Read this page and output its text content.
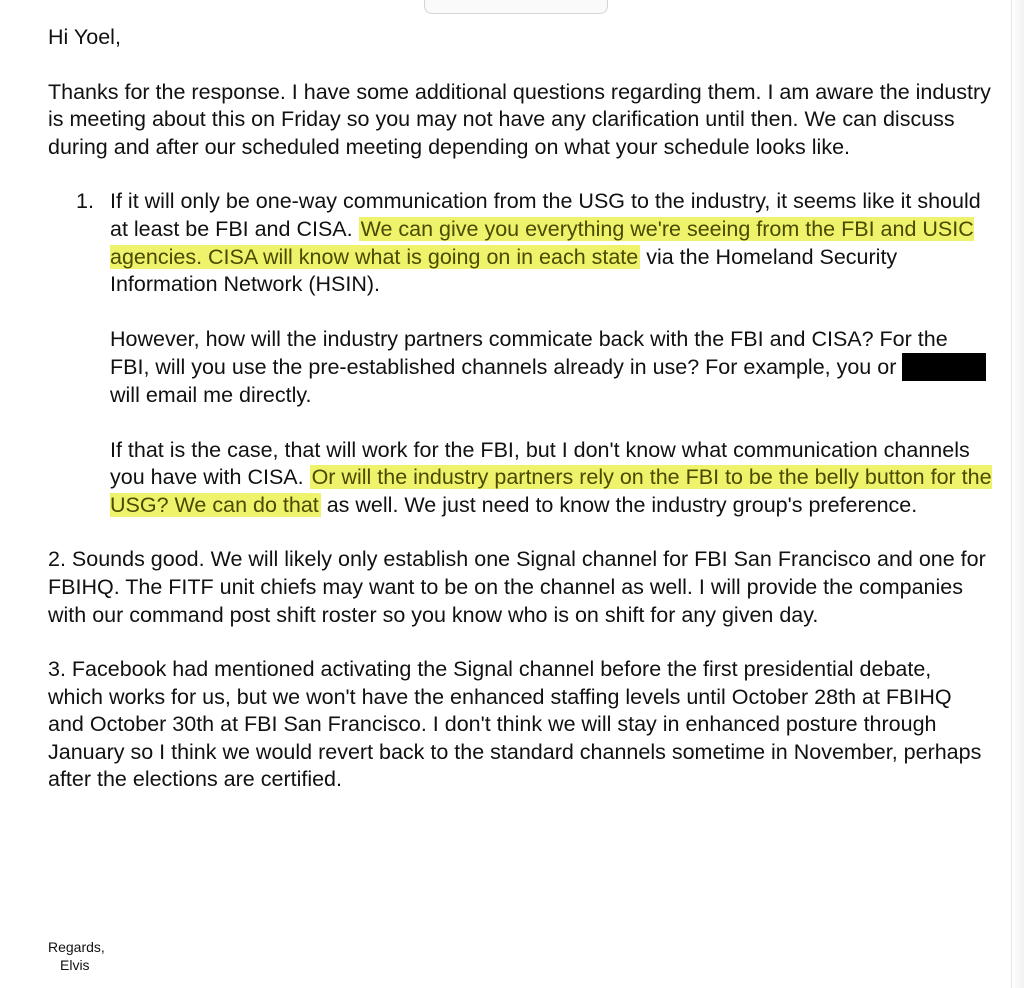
Hi Yoel,

Thanks for the response. I have some additional questions regarding them. I am aware the industry is meeting about this on Friday so you may not have any clarification until then. We can discuss during and after our scheduled meeting depending on what your schedule looks like.

1. If it will only be one-way communication from the USG to the industry, it seems like it should at least be FBI and CISA. We can give you everything we're seeing from the FBI and USIC agencies. CISA will know what is going on in each state via the Homeland Security Information Network (HSIN).

However, how will the industry partners commicate back with the FBI and CISA? For the FBI, will you use the pre-established channels already in use? For example, you orwill email me directly.

If that is the case, that will work for the FBI, but I don't know what communication channels you have with CISA. Or will the industry partners rely on the FBI to be the belly button for the USG? We can do that as well. We just need to know the industry group's preference.

2. Sounds good. We will likely only establish one Signal channel for FBI San Francisco and one for FBIHQ. The FITF unit chiefs may want to be on the channel as well. I will provide the companies with our command post shift roster so you know who is on shift for any given day.

3. Facebook had mentioned activating the Signal channel before the first presidential debate, which works for us, but we won't have the enhanced staffing levels until October 28th at FBIHQ and October 30th at FBI San Francisco. I don't think we will stay in enhanced posture through January so I think we would revert back to the standard channels sometime in November, perhaps after the elections are certified.

Regards,
Elvis
